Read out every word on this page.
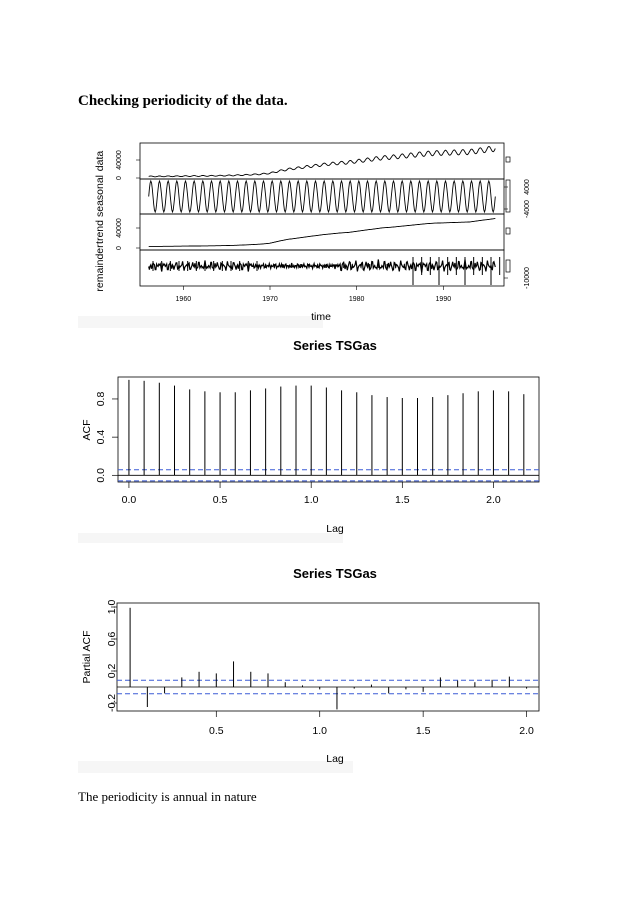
Checking periodicity of the data.
data
seasonal
trend
remainder
0
40000
0
40000
-4000
4000
-10000
1960	1970	1980	1990
time
Series TSGas
0.0	0.5	1.0	1.5	2.0
0.0
0.4
0.8
Lag
ACF
Series TSGas
0.5	1.0	1.5	2.0
-0.2
0.2
0.6
1.0
Lag
Partial ACF
The periodicity is annual in nature
